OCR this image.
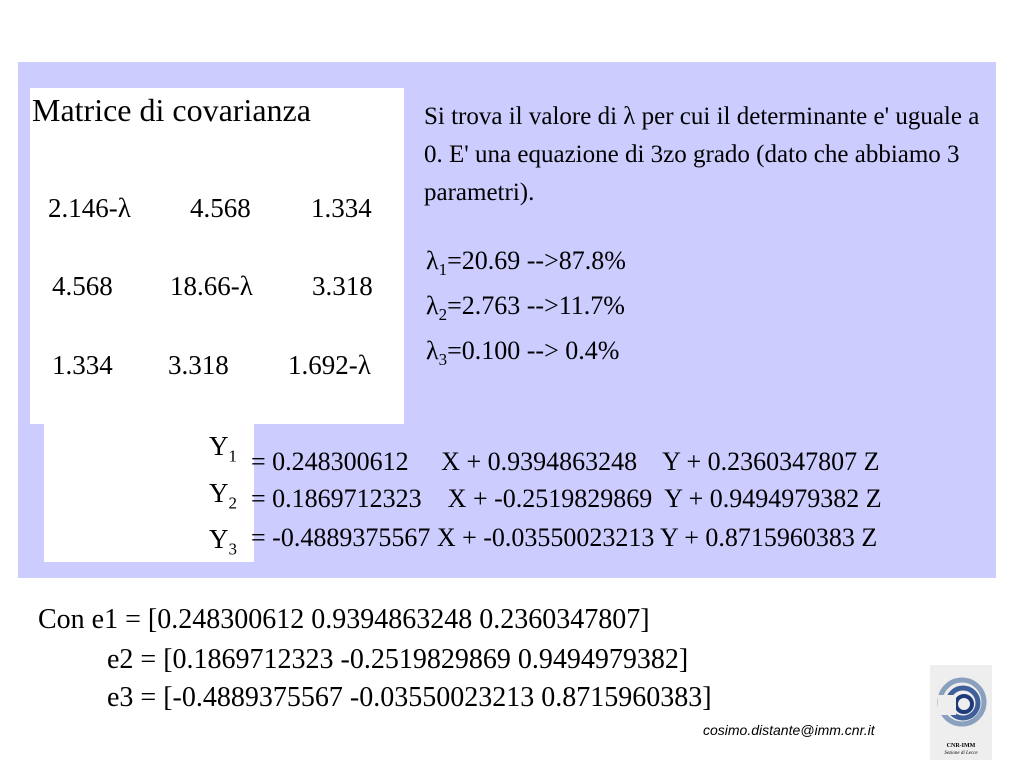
Matrice di covarianza
2.146-λ 4.568 1.334
4.568 18.66-λ 3.318
1.334 3.318 1.692-λ

Si trova il valore di λ per cui il determinante e' uguale a 0. E' una equazione di 3zo grado (dato che abbiamo 3 parametri).

$\lambda_1=20.69$ -->87.8%
$\lambda_2=2.763$ -->11.7%
$\lambda_3=0.100$ --> 0.4%
$Y_1$
$Y_2$
$Y_3$
= 0.248300612     X + 0.9394863248    Y + 0.2360347807 Z
= 0.1869712323    X + -0.2519829869  Y + 0.9494979382 Z
= -0.4889375567 X + -0.03550023213 Y + 0.8715960383 Z
Con e1 = [0.248300612 0.9394863248 0.2360347807]
e2 = [0.1869712323 -0.2519829869 0.9494979382]
e3 = [-0.4889375567 -0.03550023213 0.8715960383]
CNR-IMM
Sezione di Lecce
cosimo.distante@imm.cnr.it
